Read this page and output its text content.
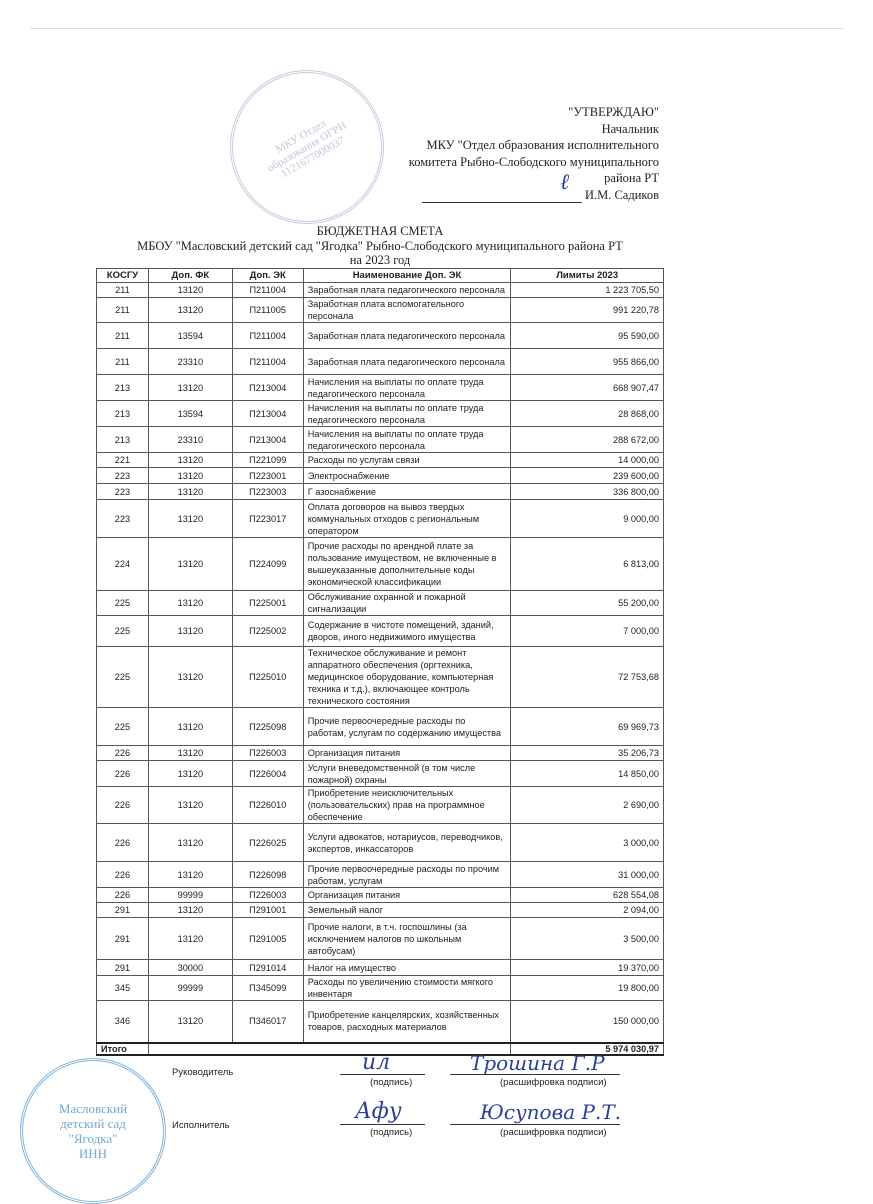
МКУ Отдел образования ОГРН 1121677000037
"УТВЕРЖДАЮ"
Начальник
МКУ "Отдел образования исполнительного
комитета Рыбно-Слободского муниципального
района РТ
И.М. Садиков
ℓ
БЮДЖЕТНАЯ СМЕТА
МБОУ "Масловский детский сад "Ягодка" Рыбно-Слободского муниципального района РТ
на 2023 год
КОСГУ	Доп. ФК	Доп. ЭК	Наименование Доп. ЭК	Лимиты 2023
211	13120	П211004	Заработная плата педагогического персонала	1 223 705,50
211	13120	П211005	Заработная плата вспомогательного персонала	991 220,78
211	13594	П211004	Заработная плата педагогического персонала	95 590,00
211	23310	П211004	Заработная плата педагогического персонала	955 866,00
213	13120	П213004	Начисления на выплаты по оплате труда педагогического персонала	668 907,47
213	13594	П213004	Начисления на выплаты по оплате труда педагогического персонала	28 868,00
213	23310	П213004	Начисления на выплаты по оплате труда педагогического персонала	288 672,00
221	13120	П221099	Расходы по услугам связи	14 000,00
223	13120	П223001	Электроснабжение	239 600,00
223	13120	П223003	Г азоснабжение	336 800,00
223	13120	П223017	Оплата договоров на вывоз твердых коммунальных отходов с региональным оператором	9 000,00
224	13120	П224099	Прочие расходы по арендной плате за пользование имуществом, не включенные в вышеуказанные дополнительные коды экономической классификации	6 813,00
225	13120	П225001	Обслуживание охранной и пожарной сигнализации	55 200,00
225	13120	П225002	Содержание в чистоте помещений, зданий, дворов, иного недвижимого имущества	7 000,00
225	13120	П225010	Техническое обслуживание и ремонт аппаратного обеспечения (оргтехника, медицинское оборудование, компьютерная техника и т.д.), включающее контроль технического состояния	72 753,68
225	13120	П225098	Прочие первоочередные расходы по работам, услугам по содержанию имущества	69 969,73
226	13120	П226003	Организация питания	35 206,73
226	13120	П226004	Услуги вневедомственной (в том числе пожарной) охраны	14 850,00
226	13120	П226010	Приобретение неисключительных (пользовательских) прав на программное обеспечение	2 690,00
226	13120	П226025	Услуги адвокатов, нотариусов, переводчиков, экспертов, инкассаторов	3 000,00
226	13120	П226098	Прочие первоочередные расходы по прочим работам, услугам	31 000,00
226	99999	П226003	Организация питания	628 554,08
291	13120	П291001	Земельный налог	2 094,00
291	13120	П291005	Прочие налоги, в т.ч. госпошлины (за исключением налогов по школьным автобусам)	3 500,00
291	30000	П291014	Налог на имущество	19 370,00
345	99999	П345099	Расходы по увеличению стоимости мягкого инвентаря	19 800,00
346	13120	П346017	Приобретение канцелярских, хозяйственных товаров, расходных материалов	150 000,00
Итого				5 974 030,97
Масловский детский сад "Ягодка" ИНН
Руководитель
(подпись)	(расшифровка подписи)
Трошина Г.Р
ил
Исполнитель
(подпись)	(расшифровка подписи)
Юсупова Р.Т.
Афу
